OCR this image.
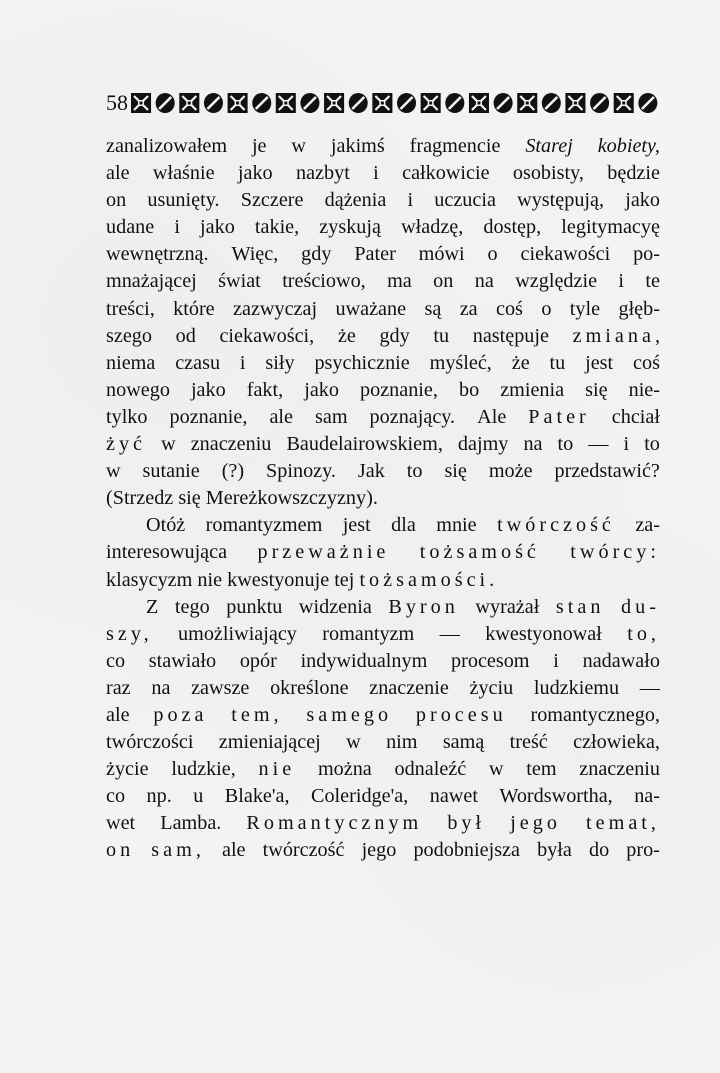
58
zanalizowałem je w jakimś fragmencie Starej kobiety,
ale właśnie jako nazbyt i całkowicie osobisty, będzie
on usunięty. Szczere dążenia i uczucia występują, jako
udane i jako takie, zyskują władzę, dostęp, legitymacyę
wewnętrzną. Więc, gdy Pater mówi o ciekawości po-
mnażającej świat treściowo, ma on na względzie i te
treści, które zazwyczaj uważane są za coś o tyle głęb-
szego od ciekawości, że gdy tu następuje zmiana,
niema czasu i siły psychicznie myśleć, że tu jest coś
nowego jako fakt, jako poznanie, bo zmienia się nie-
tylko poznanie, ale sam poznający. Ale Pater chciał
żyć w znaczeniu Baudelairowskiem, dajmy na to — i to
w sutanie (?) Spinozy. Jak to się może przedstawić?
(Strzedz
się
Mereżkowszczyzny).

Otóż romantyzmem jest dla mnie twórczość za-
interesowująca przeważnie tożsamość twórcy:
klasycyzm
nie
kwestyonuje
tej
tożsamości.

Z tego punktu widzenia Byron wyrażał stan du-
szy, umożliwiający romantyzm — kwestyonował to,
co stawiało opór indywidualnym procesom i nadawało
raz na zawsze określone znaczenie życiu ludzkiemu —
ale poza tem, samego procesu romantycznego,
twórczości zmieniającej w nim samą treść człowieka,
życie ludzkie, nie można odnaleźć w tem znaczeniu
co np. u Blake'a, Coleridge'a, nawet Wordswortha, na-
wet Lamba. Romantycznym był jego temat,
on sam, ale twórczość jego podobniejsza była do pro-
